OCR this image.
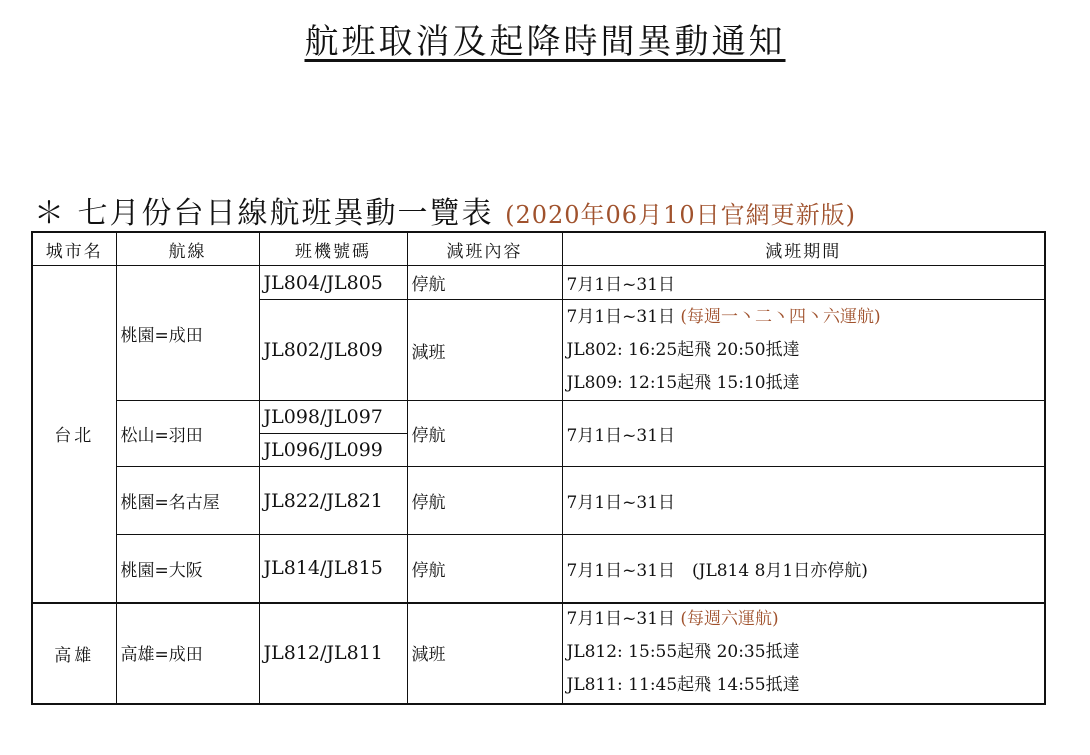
航班取消及起降時間異動通知
＊ 七月份台日線航班異動一覽表 (2020年06月10日官網更新版)
城市名	航線	班機號碼	減班內容	減班期間
台北	桃園=成田	JL804/JL805	停航	7月1日~31日
		JL802/JL809	減班	7月1日~31日 (每週一丶二丶四丶六運航)
JL802: 16:25起飛 20:50抵達
JL809: 12:15起飛 15:10抵達

	松山=羽田	JL098/JL097	停航	7月1日~31日
		JL096/JL099		
	桃園=名古屋	JL822/JL821	停航	7月1日~31日
	桃園=大阪	JL814/JL815	停航	7月1日~31日　(JL814 8月1日亦停航)

高雄	高雄=成田	JL812/JL811	減班	7月1日~31日 (每週六運航)
JL812: 15:55起飛 20:35抵達
JL811: 11:45起飛 14:55抵達
